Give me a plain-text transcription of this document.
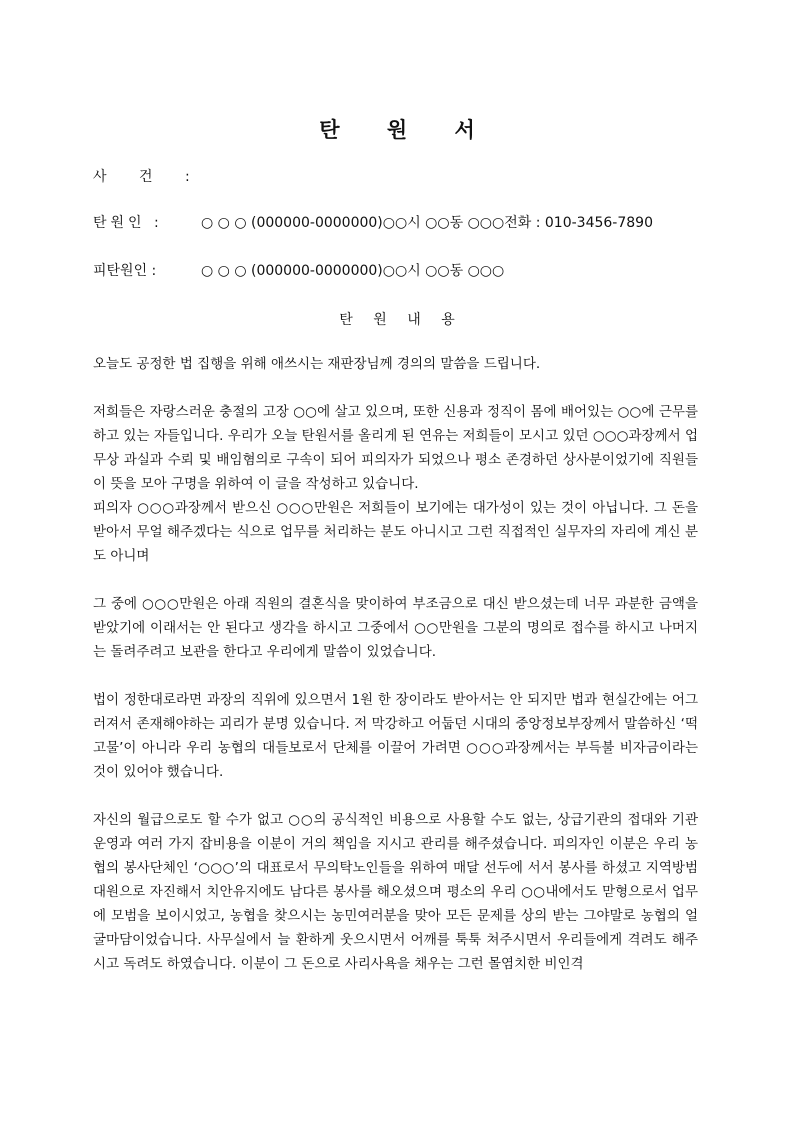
탄 원 서
사 건 :
탄원인 :	○ ○ ○ (000000-0000000)○○시 ○○동 ○○○전화 : 010-3456-7890
피탄원인 :	○ ○ ○ (000000-0000000)○○시 ○○동 ○○○
탄 원 내 용

오늘도 공정한 법 집행을 위해 애쓰시는 재판장님께 경의의 말씀을 드립니다.

저희들은 자랑스러운 충절의 고장 ○○에 살고 있으며, 또한 신용과 정직이 몸에 배어있는 ○○에 근무를 하고 있는 자들입니다. 우리가 오늘 탄원서를 올리게 된 연유는 저희들이 모시고 있던 ○○○과장께서 업무상 과실과 수뢰 및 배임혐의로 구속이 되어 피의자가 되었으나 평소 존경하던 상사분이었기에 직원들이 뜻을 모아 구명을 위하여 이 글을 작성하고 있습니다.

피의자 ○○○과장께서 받으신 ○○○만원은 저희들이 보기에는 대가성이 있는 것이 아닙니다. 그 돈을 받아서 무얼 해주겠다는 식으로 업무를 처리하는 분도 아니시고 그런 직접적인 실무자의 자리에 계신 분도 아니며

그 중에 ○○○만원은 아래 직원의 결혼식을 맞이하여 부조금으로 대신 받으셨는데 너무 과분한 금액을 받았기에 이래서는 안 된다고 생각을 하시고 그중에서 ○○만원을 그분의 명의로 접수를 하시고 나머지는 돌려주려고 보관을 한다고 우리에게 말씀이 있었습니다.

법이 정한대로라면 과장의 직위에 있으면서 1원 한 장이라도 받아서는 안 되지만 법과 현실간에는 어그러져서 존재해야하는 괴리가 분명 있습니다. 저 막강하고 어둡던 시대의 중앙정보부장께서 말씀하신 ‘떡고물’이 아니라 우리 농협의 대들보로서 단체를 이끌어 가려면 ○○○과장께서는 부득불 비자금이라는 것이 있어야 했습니다.

자신의 월급으로도 할 수가 없고 ○○의 공식적인 비용으로 사용할 수도 없는, 상급기관의 접대와 기관운영과 여러 가지 잡비용을 이분이 거의 책임을 지시고 관리를 해주셨습니다. 피의자인 이분은 우리 농협의 봉사단체인 ‘○○○’의 대표로서 무의탁노인들을 위하여 매달 선두에 서서 봉사를 하셨고 지역방범대원으로 자진해서 치안유지에도 남다른 봉사를 해오셨으며 평소의 우리 ○○내에서도 맏형으로서 업무에 모범을 보이시었고, 농협을 찾으시는 농민여러분을 맞아 모든 문제를 상의 받는 그야말로 농협의 얼굴마담이었습니다. 사무실에서 늘 환하게 웃으시면서 어깨를 툭툭 쳐주시면서 우리들에게 격려도 해주시고 독려도 하였습니다. 이분이 그 돈으로 사리사욕을 채우는 그런 몰염치한 비인격
